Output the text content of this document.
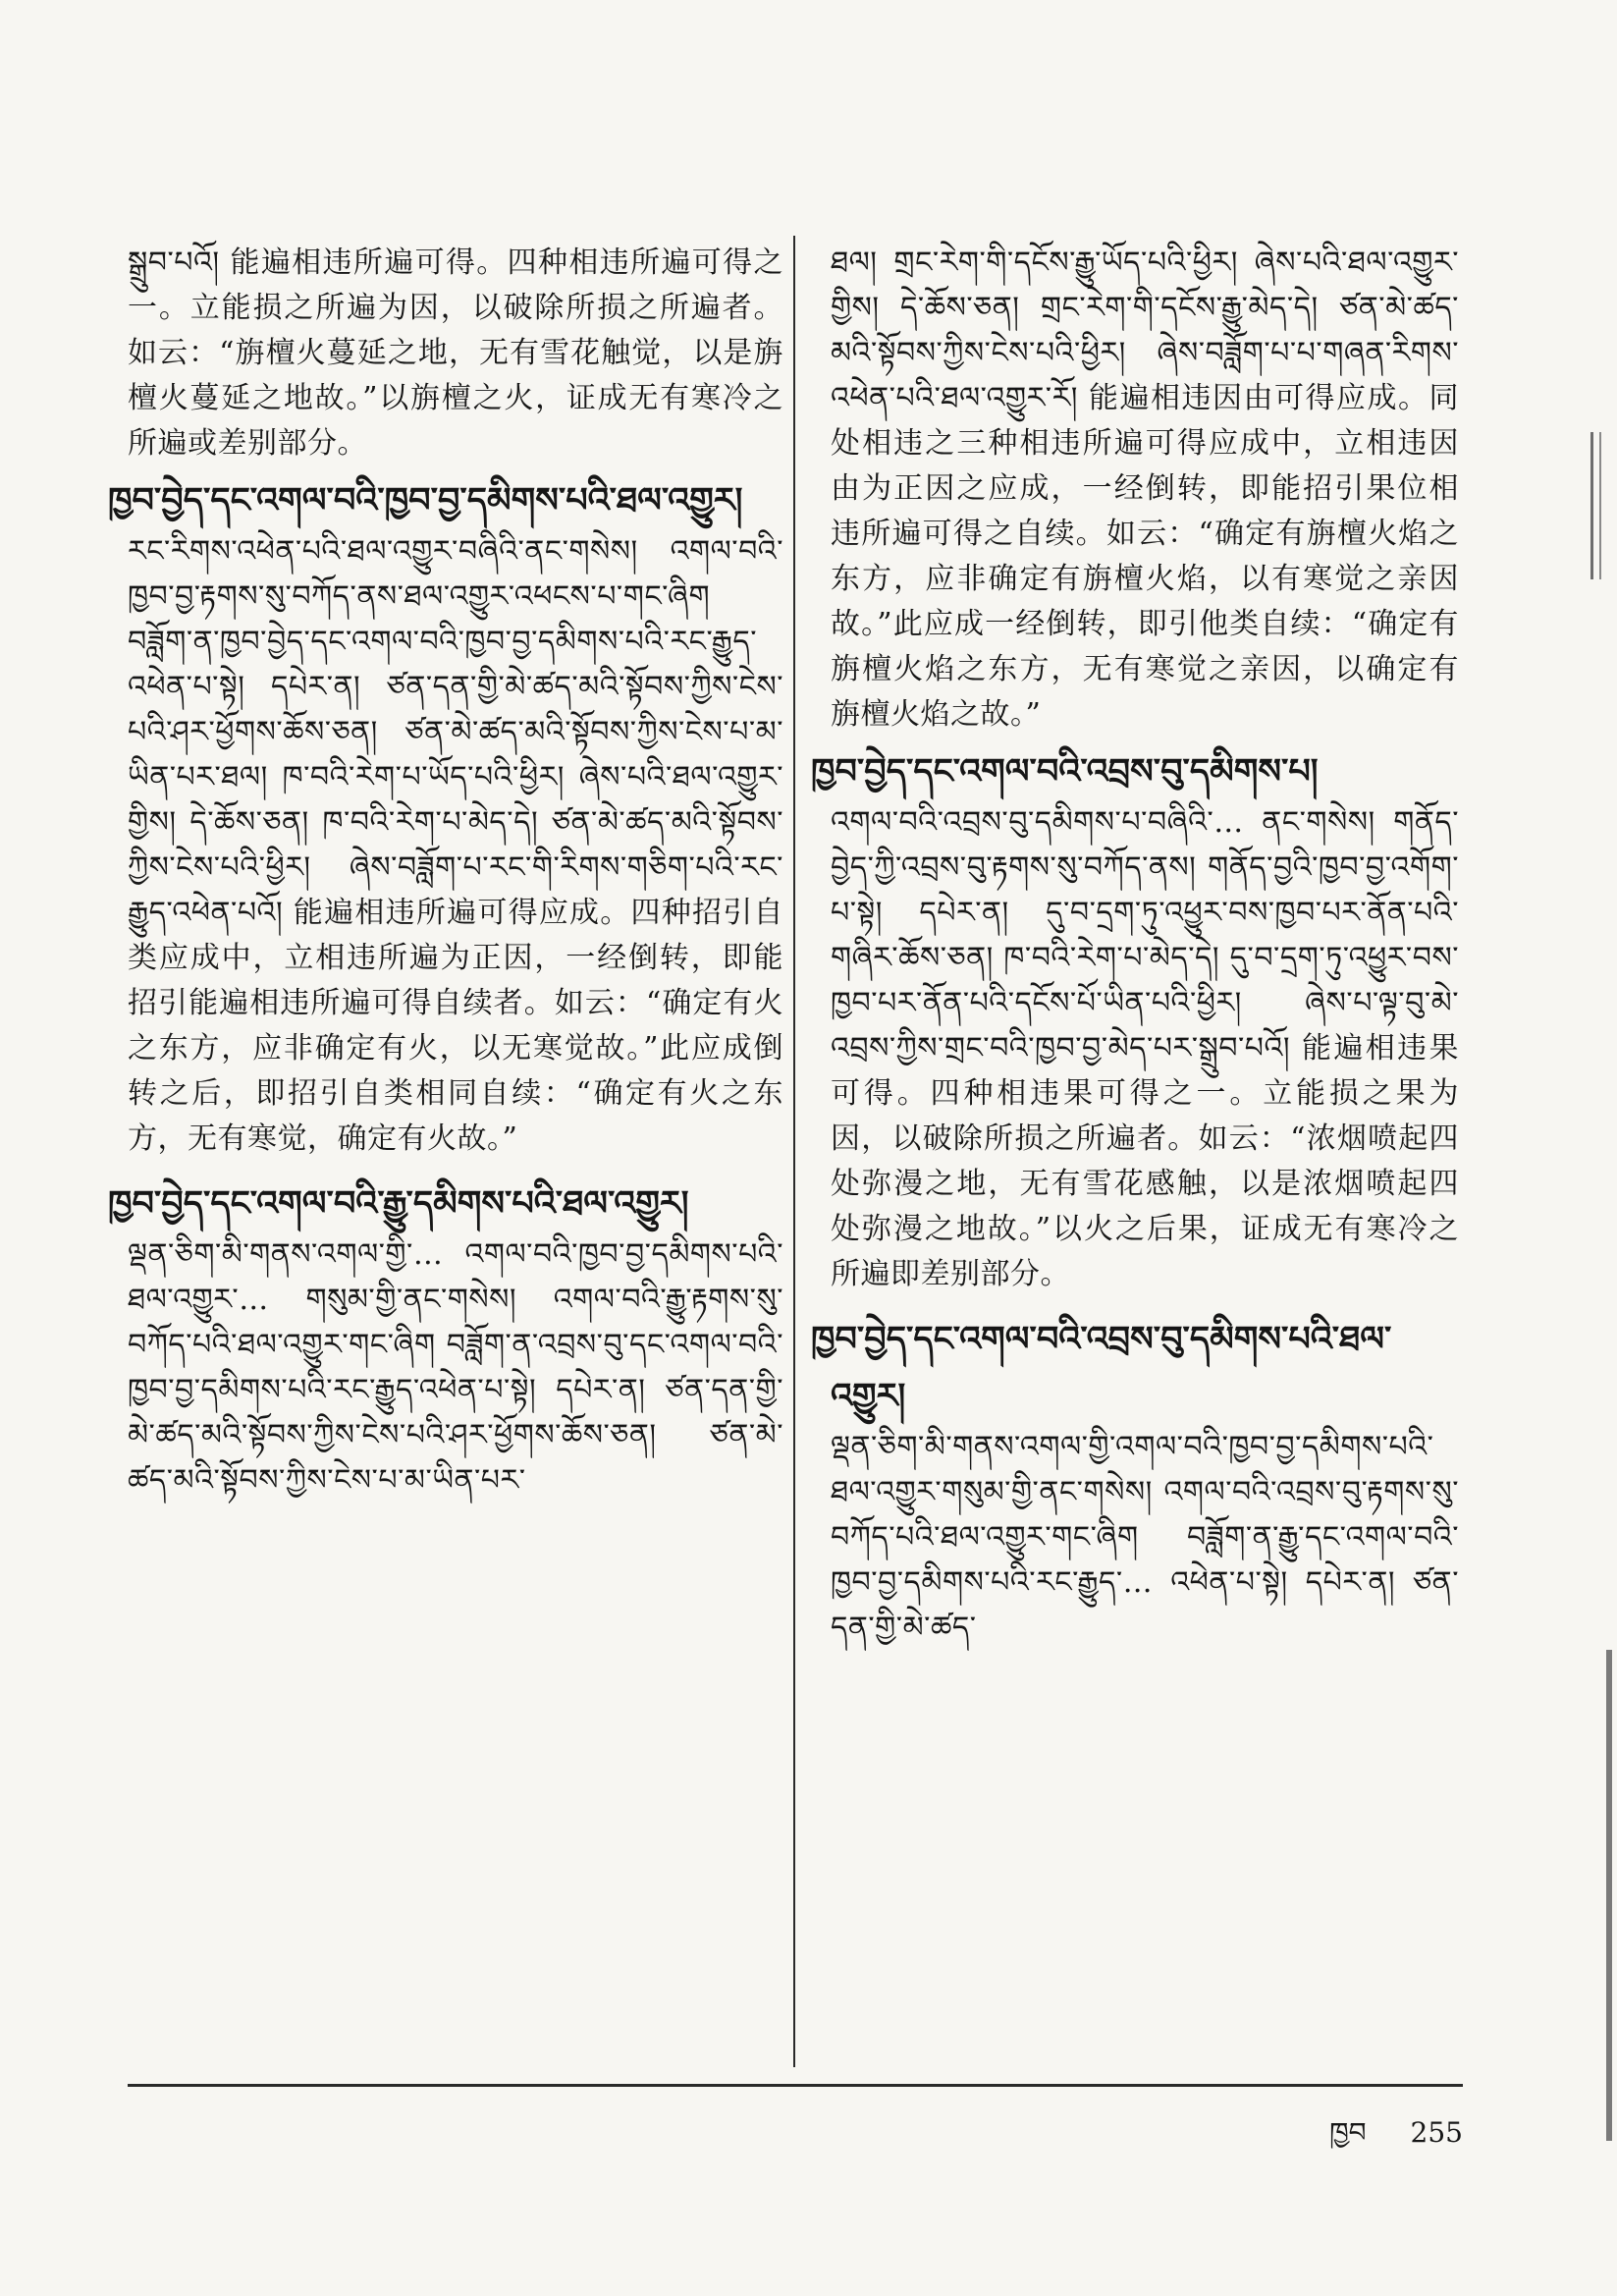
སྒྲུབ་པའོ། 能遍相违所遍可得。四种相违所遍可得之一。立能损之所遍为因，以破除所损之所遍者。如云：“旃檀火蔓延之地，无有雪花触觉，以是旃檀火蔓延之地故。”以旃檀之火，证成无有寒冷之所遍或差别部分。

ཁྱབ་བྱེད་དང་འགལ་བའི་ཁྱབ་བྱ་དམིགས་པའི་ཐལ་འགྱུར།

རང་རིགས་འཕེན་པའི་ཐལ་འགྱུར་བཞིའི་ནང་གསེས། འགལ་བའི་ཁྱབ་བྱ་རྟགས་སུ་བཀོད་ནས་ཐལ་འགྱུར་འཕངས་པ་གང་ཞིག བཟློག་ན་ཁྱབ་བྱེད་དང་འགལ་བའི་ཁྱབ་བྱ་དམིགས་པའི་རང་རྒྱུད་འཕེན་པ་སྟེ། དཔེར་ན། ཙན་དན་གྱི་མེ་ཚད་མའི་སྟོབས་ཀྱིས་ངེས་པའི་ཤར་ཕྱོགས་ཆོས་ཅན། ཙན་མེ་ཚད་མའི་སྟོབས་ཀྱིས་ངེས་པ་མ་ཡིན་པར་ཐལ། ཁ་བའི་རེག་པ་ཡོད་པའི་ཕྱིར། ཞེས་པའི་ཐལ་འགྱུར་གྱིས། དེ་ཆོས་ཅན། ཁ་བའི་རེག་པ་མེད་དེ། ཙན་མེ་ཚད་མའི་སྟོབས་ཀྱིས་ངེས་པའི་ཕྱིར། ཞེས་བཟློག་པ་རང་གི་རིགས་གཅིག་པའི་རང་རྒྱུད་འཕེན་པའོ། 能遍相违所遍可得应成。四种招引自类应成中，立相违所遍为正因，一经倒转，即能招引能遍相违所遍可得自续者。如云：“确定有火之东方，应非确定有火，以无寒觉故。”此应成倒转之后，即招引自类相同自续：“确定有火之东方，无有寒觉，确定有火故。”

ཁྱབ་བྱེད་དང་འགལ་བའི་རྒྱུ་དམིགས་པའི་ཐལ་འགྱུར།

ལྡན་ཅིག་མི་གནས་འགལ་གྱི་… འགལ་བའི་ཁྱབ་བྱ་དམིགས་པའི་ཐལ་འགྱུར་… གསུམ་གྱི་ནང་གསེས། འགལ་བའི་རྒྱུ་རྟགས་སུ་བཀོད་པའི་ཐལ་འགྱུར་གང་ཞིག བཟློག་ན་འབྲས་བུ་དང་འགལ་བའི་ཁྱབ་བྱ་དམིགས་པའི་རང་རྒྱུད་འཕེན་པ་སྟེ། དཔེར་ན། ཙན་དན་གྱི་མེ་ཚད་མའི་སྟོབས་ཀྱིས་ངེས་པའི་ཤར་ཕྱོགས་ཆོས་ཅན། ཙན་མེ་ཚད་མའི་སྟོབས་ཀྱིས་ངེས་པ་མ་ཡིན་པར་

ཐལ། གྲང་རེག་གི་དངོས་རྒྱུ་ཡོད་པའི་ཕྱིར། ཞེས་པའི་ཐལ་འགྱུར་གྱིས། དེ་ཆོས་ཅན། གྲང་རེག་གི་དངོས་རྒྱུ་མེད་དེ། ཙན་མེ་ཚད་མའི་སྟོབས་ཀྱིས་ངེས་པའི་ཕྱིར། ཞེས་བཟློག་པ་པ་གཞན་རིགས་འཕེན་པའི་ཐལ་འགྱུར་རོ། 能遍相违因由可得应成。同处相违之三种相违所遍可得应成中，立相违因由为正因之应成，一经倒转，即能招引果位相违所遍可得之自续。如云：“确定有旃檀火焰之东方，应非确定有旃檀火焰，以有寒觉之亲因故。”此应成一经倒转，即引他类自续：“确定有旃檀火焰之东方，无有寒觉之亲因，以确定有旃檀火焰之故。”

ཁྱབ་བྱེད་དང་འགལ་བའི་འབྲས་བུ་དམིགས་པ།

འགལ་བའི་འབྲས་བུ་དམིགས་པ་བཞིའི་… ནང་གསེས། གནོད་བྱེད་ཀྱི་འབྲས་བུ་རྟགས་སུ་བཀོད་ནས། གནོད་བྱའི་ཁྱབ་བྱ་འགོག་པ་སྟེ། དཔེར་ན། དུ་བ་དྲག་ཏུ་འཕྱུར་བས་ཁྱབ་པར་ནོན་པའི་གཞིར་ཆོས་ཅན། ཁ་བའི་རེག་པ་མེད་དེ། དུ་བ་དྲག་ཏུ་འཕྱུར་བས་ཁྱབ་པར་ནོན་པའི་དངོས་པོ་ཡིན་པའི་ཕྱིར། ཞེས་པ་ལྟ་བུ་མེ་འབྲས་ཀྱིས་གྲང་བའི་ཁྱབ་བྱ་མེད་པར་སྒྲུབ་པའོ། 能遍相违果可得。四种相违果可得之一。立能损之果为因，以破除所损之所遍者。如云：“浓烟喷起四处弥漫之地，无有雪花感触，以是浓烟喷起四处弥漫之地故。”以火之后果，证成无有寒冷之所遍即差别部分。

ཁྱབ་བྱེད་དང་འགལ་བའི་འབྲས་བུ་དམིགས་པའི་ཐལ་འགྱུར།

ལྡན་ཅིག་མི་གནས་འགལ་གྱི་འགལ་བའི་ཁྱབ་བྱ་དམིགས་པའི་ཐལ་འགྱུར་གསུམ་གྱི་ནང་གསེས། འགལ་བའི་འབྲས་བུ་རྟགས་སུ་བཀོད་པའི་ཐལ་འགྱུར་གང་ཞིག བཟློག་ན་རྒྱུ་དང་འགལ་བའི་ཁྱབ་བྱ་དམིགས་པའི་རང་རྒྱུད་… འཕེན་པ་སྟེ། དཔེར་ན། ཙན་དན་གྱི་མེ་ཚད་

ཁྱབ 255
